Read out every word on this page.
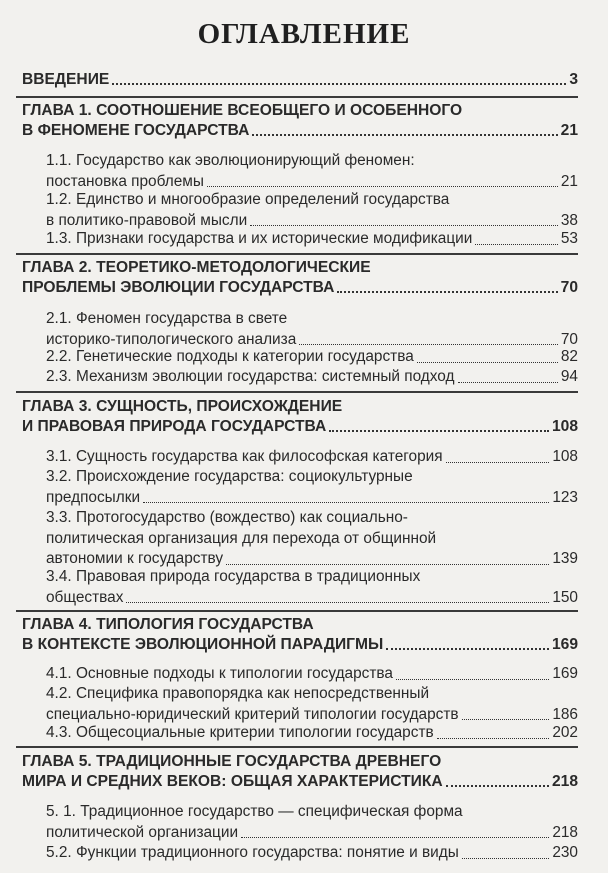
ОГЛАВЛЕНИЕ
ВВЕДЕНИЕ	3
ГЛАВА 1. СООТНОШЕНИЕ ВСЕОБЩЕГО И ОСОБЕННОГО
В ФЕНОМЕНЕ ГОСУДАРСТВА	21
1.1. Государство как эволюционирующий феномен:
постановка проблемы	21
1.2. Единство и многообразие определений государства
в политико-правовой мысли	38
1.3. Признаки государства и их исторические модификации	53
ГЛАВА 2. ТЕОРЕТИКО-МЕТОДОЛОГИЧЕСКИЕ
ПРОБЛЕМЫ ЭВОЛЮЦИИ ГОСУДАРСТВА	70
2.1. Феномен государства в свете
историко-типологического анализа	70
2.2. Генетические подходы к категории государства	82
2.3. Механизм эволюции государства: системный подход	94
ГЛАВА 3. СУЩНОСТЬ, ПРОИСХОЖДЕНИЕ
И ПРАВОВАЯ ПРИРОДА ГОСУДАРСТВА	108
3.1. Сущность государства как философская категория	108
3.2. Происхождение государства: социокультурные
предпосылки	123
3.3. Протогосударство (вождество) как социально-
политическая организация для перехода от общинной
автономии к государству	139
3.4. Правовая природа государства в традиционных
обществах	150
ГЛАВА 4. ТИПОЛОГИЯ ГОСУДАРСТВА
В КОНТЕКСТЕ ЭВОЛЮЦИОННОЙ ПАРАДИГМЫ	169
4.1. Основные подходы к типологии государства	169
4.2. Специфика правопорядка как непосредственный
специально-юридический критерий типологии государств	186
4.3. Общесоциальные критерии типологии государств	202
ГЛАВА 5. ТРАДИЦИОННЫЕ ГОСУДАРСТВА ДРЕВНЕГО
МИРА И СРЕДНИХ ВЕКОВ: ОБЩАЯ ХАРАКТЕРИСТИКА	218
5. 1. Традиционное государство — специфическая форма
политической организации	218
5.2. Функции традиционного государства: понятие и виды	230
